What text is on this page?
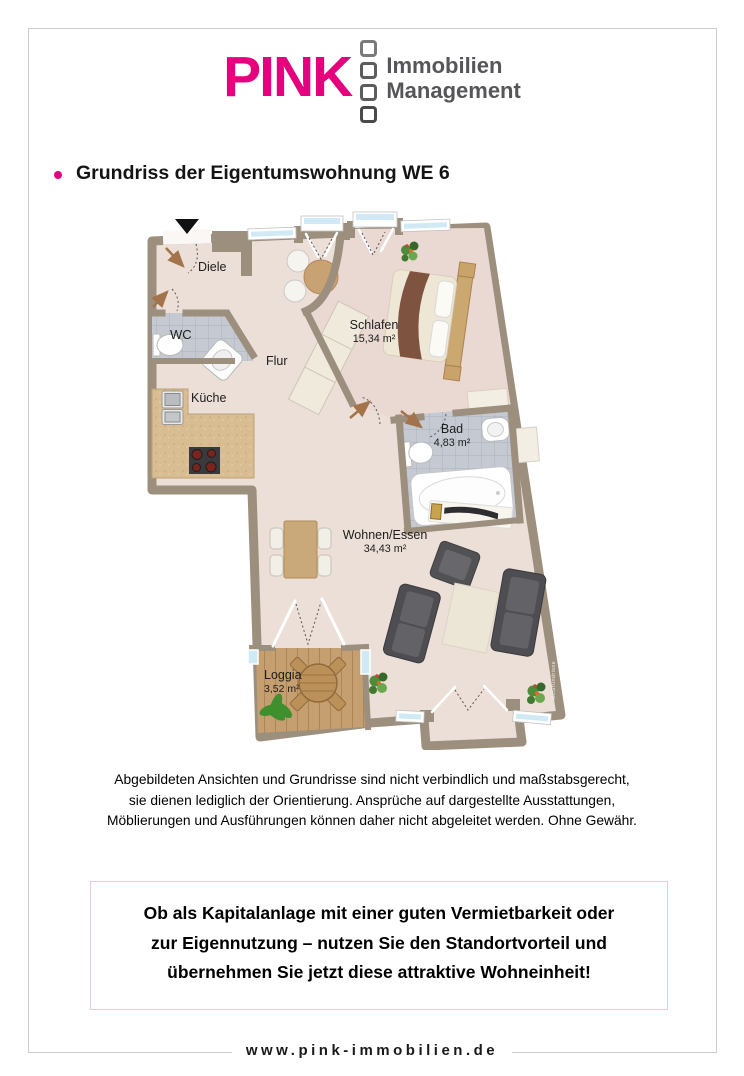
PINK Immobilien
Management
Grundriss der Eigentumswohnung WE 6
Diele
WC
Küche
Flur
Schlafen
15,34 m²
Bad
4,83 m²
Wohnen/Essen
34,43 m²
Loggia
3,52 m²	McGrundrisse
Abgebildeten Ansichten und Grundrisse sind nicht verbindlich und maßstabsgerecht,
sie dienen lediglich der Orientierung. Ansprüche auf dargestellte Ausstattungen,
Möblierungen und Ausführungen können daher nicht abgeleitet werden. Ohne Gewähr.
Ob als Kapitalanlage mit einer guten Vermietbarkeit oder
zur Eigennutzung – nutzen Sie den Standortvorteil und
übernehmen Sie jetzt diese attraktive Wohneinheit!
www.pink-immobilien.de
